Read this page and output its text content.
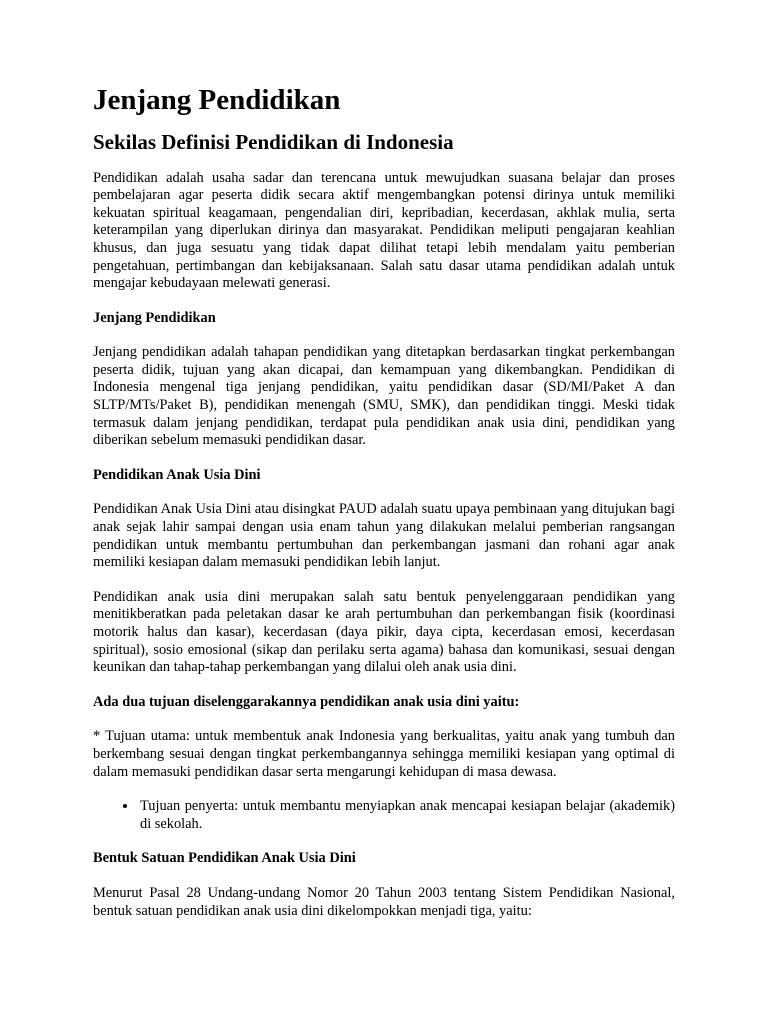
Jenjang Pendidikan
Sekilas Definisi Pendidikan di Indonesia

Pendidikan adalah usaha sadar dan terencana untuk mewujudkan suasana belajar dan proses pembelajaran agar peserta didik secara aktif mengembangkan potensi dirinya untuk memiliki kekuatan spiritual keagamaan, pengendalian diri, kepribadian, kecerdasan, akhlak mulia, serta keterampilan yang diperlukan dirinya dan masyarakat. Pendidikan meliputi pengajaran keahlian khusus, dan juga sesuatu yang tidak dapat dilihat tetapi lebih mendalam yaitu pemberian pengetahuan, pertimbangan dan kebijaksanaan. Salah satu dasar utama pendidikan adalah untuk mengajar kebudayaan melewati generasi.

Jenjang Pendidikan

Jenjang pendidikan adalah tahapan pendidikan yang ditetapkan berdasarkan tingkat perkembangan peserta didik, tujuan yang akan dicapai, dan kemampuan yang dikembangkan. Pendidikan di Indonesia mengenal tiga jenjang pendidikan, yaitu pendidikan dasar (SD/MI/Paket A dan SLTP/MTs/Paket B), pendidikan menengah (SMU, SMK), dan pendidikan tinggi. Meski tidak termasuk dalam jenjang pendidikan, terdapat pula pendidikan anak usia dini, pendidikan yang diberikan sebelum memasuki pendidikan dasar.

Pendidikan Anak Usia Dini

Pendidikan Anak Usia Dini atau disingkat PAUD adalah suatu upaya pembinaan yang ditujukan bagi anak sejak lahir sampai dengan usia enam tahun yang dilakukan melalui pemberian rangsangan pendidikan untuk membantu pertumbuhan dan perkembangan jasmani dan rohani agar anak memiliki kesiapan dalam memasuki pendidikan lebih lanjut.

Pendidikan anak usia dini merupakan salah satu bentuk penyelenggaraan pendidikan yang menitikberatkan pada peletakan dasar ke arah pertumbuhan dan perkembangan fisik (koordinasi motorik halus dan kasar), kecerdasan (daya pikir, daya cipta, kecerdasan emosi, kecerdasan spiritual), sosio emosional (sikap dan perilaku serta agama) bahasa dan komunikasi, sesuai dengan keunikan dan tahap-tahap perkembangan yang dilalui oleh anak usia dini.

Ada dua tujuan diselenggarakannya pendidikan anak usia dini yaitu:

* Tujuan utama: untuk membentuk anak Indonesia yang berkualitas, yaitu anak yang tumbuh dan berkembang sesuai dengan tingkat perkembangannya sehingga memiliki kesiapan yang optimal di dalam memasuki pendidikan dasar serta mengarungi kehidupan di masa dewasa.

• Tujuan penyerta: untuk membantu menyiapkan anak mencapai kesiapan belajar (akademik) di sekolah.

Bentuk Satuan Pendidikan Anak Usia Dini

Menurut Pasal 28 Undang-undang Nomor 20 Tahun 2003 tentang Sistem Pendidikan Nasional, bentuk satuan pendidikan anak usia dini dikelompokkan menjadi tiga, yaitu:
